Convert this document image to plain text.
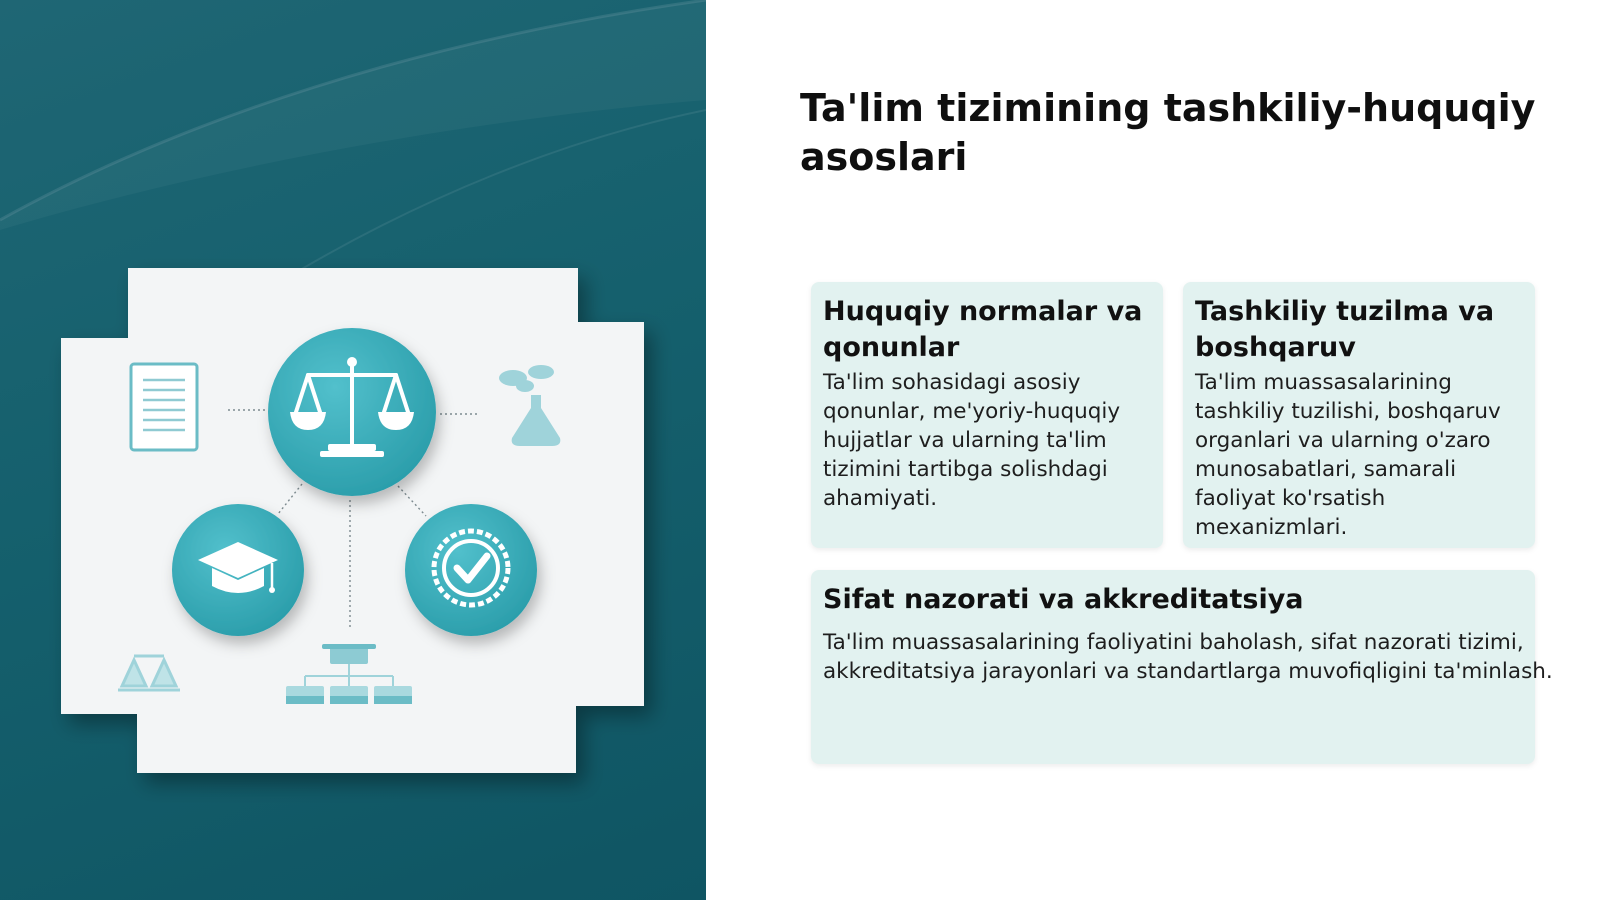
Ta'lim tizimining tashkiliy-huquqiy asoslari
Huquqiy normalar va qonunlar

Ta'lim sohasidagi asosiy qonunlar, me'yoriy-huquqiy hujjatlar va ularning ta'lim tizimini tartibga solishdagi ahamiyati.

Tashkiliy tuzilma va boshqaruv

Ta'lim muassasalarining tashkiliy tuzilishi, boshqaruv organlari va ularning o'zaro munosabatlari, samarali faoliyat ko'rsatish mexanizmlari.

Sifat nazorati va akkreditatsiya

Ta'lim muassasalarining faoliyatini baholash, sifat nazorati tizimi, akkreditatsiya jarayonlari va standartlarga muvofiqligini ta'minlash.
